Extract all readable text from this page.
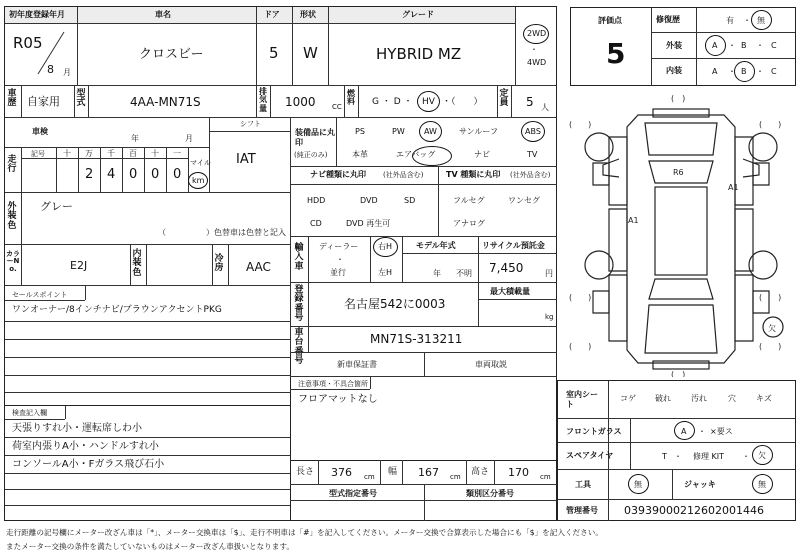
初年度登録年月	車名	ドア	形状	グレード
R05
8 月
クロスビー	5 W	HYBRID MZ
2WD
・
4WD
車歴 自家用
型式	4AA-MN71S
排気量 1000 CC
燃料 G ・ D ・ HV ・（　　）
定員 5 人
車検
年	月
シフト
IAT
走行
記号 十 万 千 百 十 一
2 4 0 0 0
マイル
km
外装色
グレー
（　　　　　）色替車は色替と記入
カラーNo.	E2J
内装色
冷房 AAC
セールスポイント
ワンオーナー/8インチナビ/ブラウンアクセントPKG
検査記入欄
天張りすれ小・運転席しわ小
荷室内張りA小・ハンドルすれ小
コンソールA小・Fガラス飛び石小
装備品に丸印
(純正のみ)
PS	PW AW	サンルーフ	ABS
本革	エアバッグ	ナビ	TV
ナビ種類に丸印 (社外品含む)	TV 種類に丸印 (社外品含む)
HDD	DVD	SD
CD	DVD 再生可
フルセグ	ワンセグ
アナログ
輸入車
ディーラー
・
並行
右H
左H
モデル年式
年 不明
リサイクル預託金
7,450	円
登録番号
名古屋542に0003
最大積載量
kg
車台番号
MN71S-313211
新車保証書	車両取説
注意事項・不具合箇所
フロアマットなし
長さ 376 cm 幅 167 cm 高さ 170 cm
型式指定番号	類別区分番号
評価点
5
修復歴	有 ・ 無
外装	A ・ B ・ C
内装	A ・ B ・ C
(　　)	(　　)
(　　)	(　　)
(　　)	(　　)
(　)
(　)
R6
A1
A1
欠
室内シート
コゲ 破れ	汚れ	穴	キズ
フロントガラス	A ・ ×要ス
スペアタイヤ	T ・ 修理 KIT ・ 欠
工具	無	ジャッキ	無
管理番号 03939000212602001446
走行距離の記号欄にメーター改ざん車は「*」、メーター交換車は「$」、走行不明車は「#」を記入してください。メーター交換で合算表示した場合にも「$」を記入ください。
またメーター交換の条件を満たしていないものはメーター改ざん車扱いとなります。
